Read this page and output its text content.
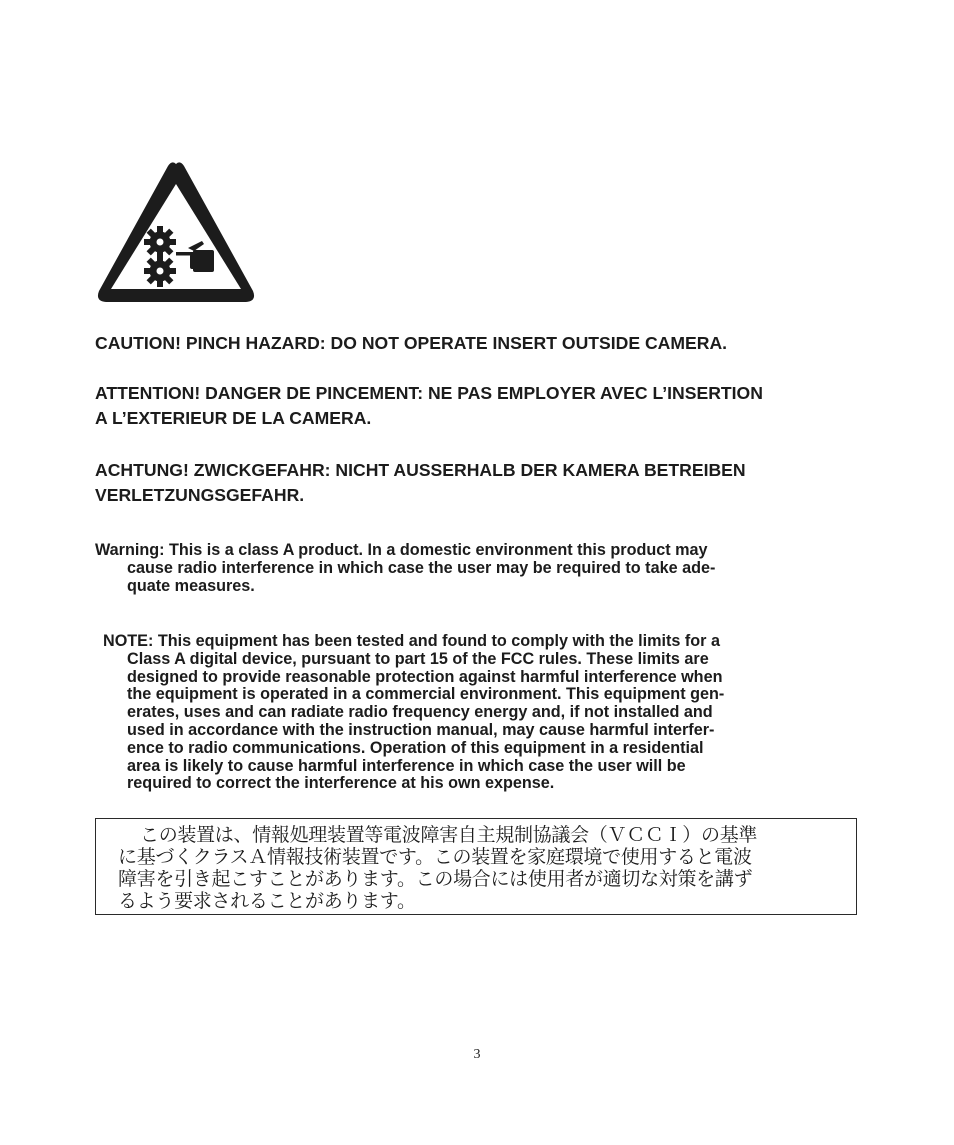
CAUTION! PINCH HAZARD: DO NOT OPERATE INSERT OUTSIDE CAMERA.

ATTENTION! DANGER DE PINCEMENT: NE PAS EMPLOYER AVEC L’INSERTION
A L’EXTERIEUR DE LA CAMERA.

ACHTUNG! ZWICKGEFAHR: NICHT AUSSERHALB DER KAMERA BETREIBEN
VERLETZUNGSGEFAHR.

Warning: This is a class A product. In a domestic environment this product may
cause radio interference in which case the user may be required to take ade-
quate measures.
NOTE: This equipment has been tested and found to comply with the limits for a
Class A digital device, pursuant to part 15 of the FCC rules. These limits are
designed to provide reasonable protection against harmful interference when
the equipment is operated in a commercial environment. This equipment gen-
erates, uses and can radiate radio frequency energy and, if not installed and
used in accordance with the instruction manual, may cause harmful interfer-
ence to radio communications. Operation of this equipment in a residential
area is likely to cause harmful interference in which case the user will be
required to correct the interference at his own expense.
この装置は、情報処理装置等電波障害自主規制協議会（ＶＣＣＩ）の基準
に基づくクラスＡ情報技術装置です。この装置を家庭環境で使用すると電波
障害を引き起こすことがあります。この場合には使用者が適切な対策を講ず
るよう要求されることがあります。
3
